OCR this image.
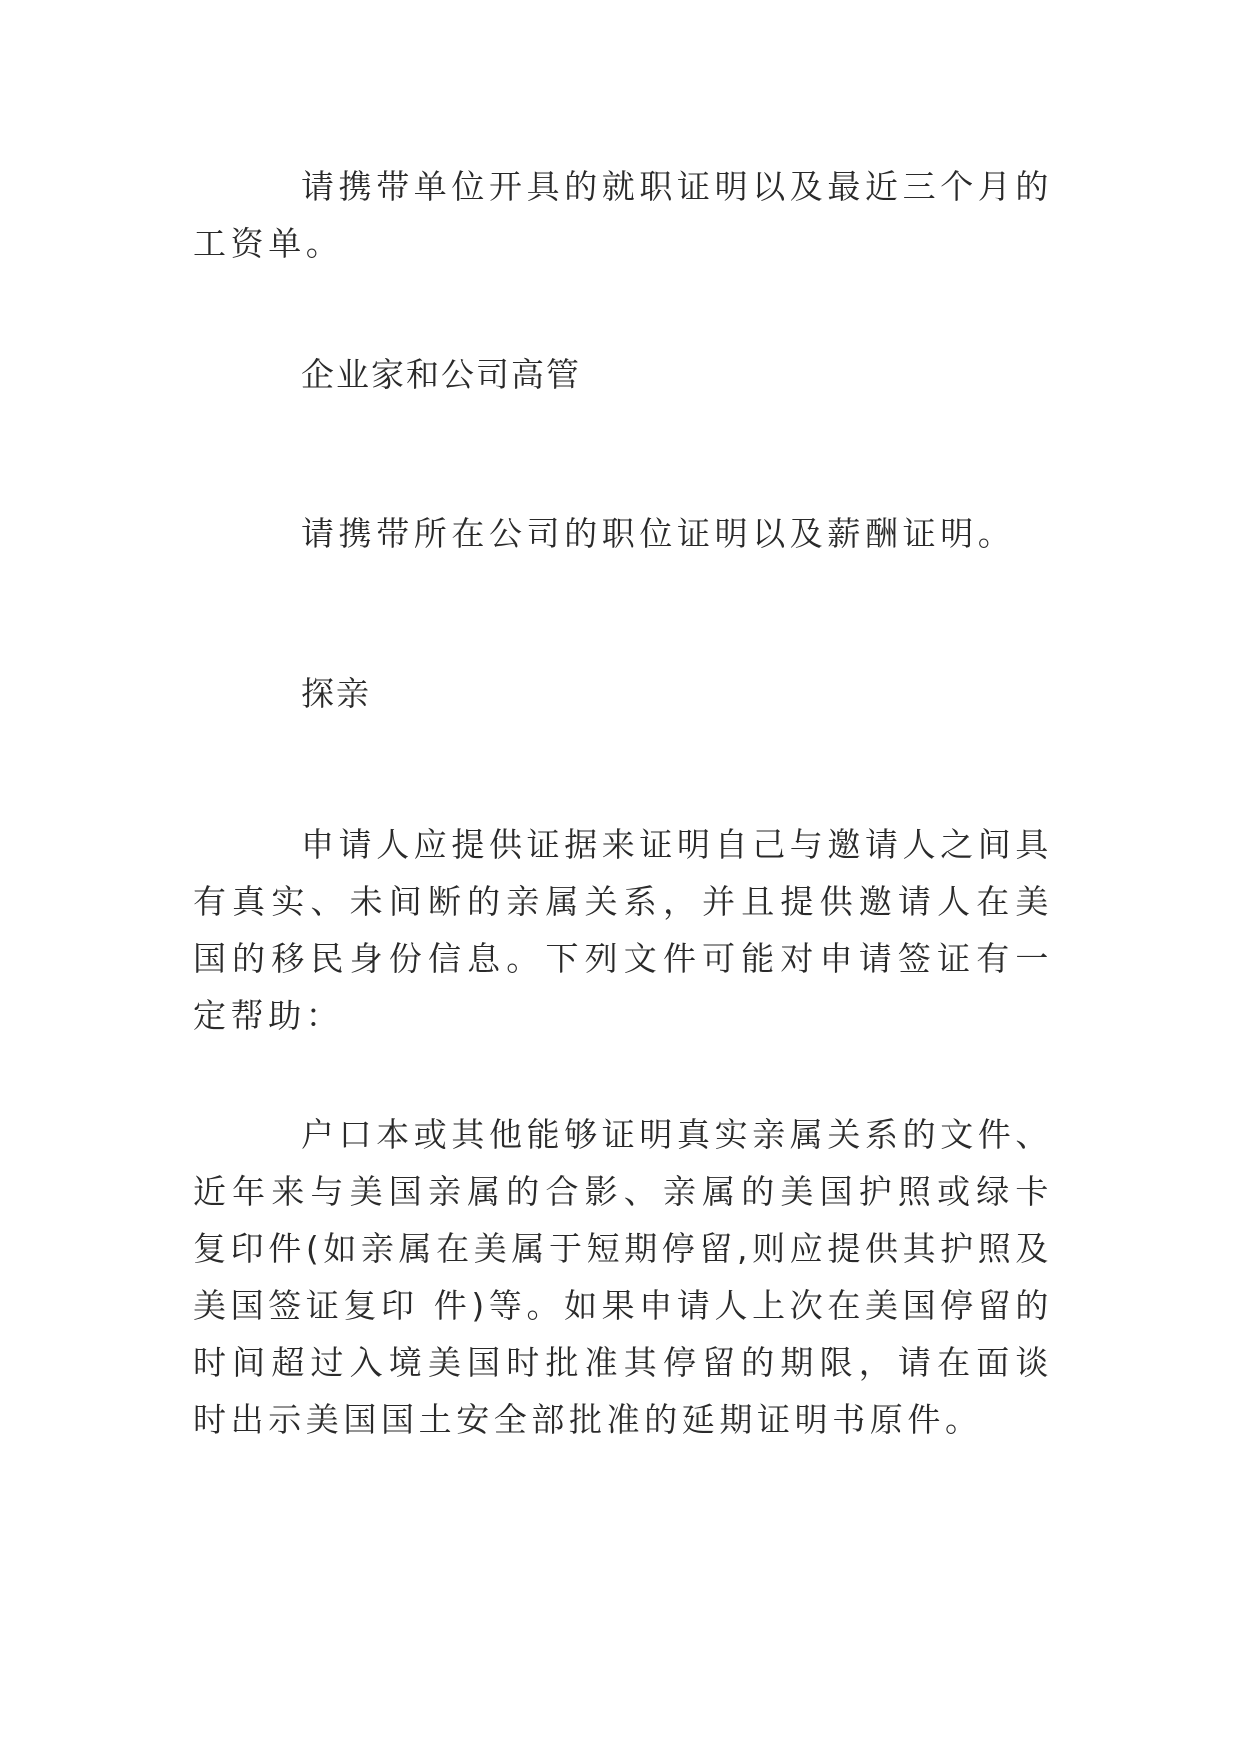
请携带单位开具的就职证明以及最近三个月的工资单。

企业家和公司高管

请携带所在公司的职位证明以及薪酬证明。

探亲

申请人应提供证据来证明自己与邀请人之间具有真实、未间断的亲属关系，并且提供邀请人在美国的移民身份信息。下列文件可能对申请签证有一定帮助：

户口本或其他能够证明真实亲属关系的文件、近年来与美国亲属的合影、亲属的美国护照或绿卡复印件(如亲属在美属于短期停留,则应提供其护照及美国签证复印 件)等。如果申请人上次在美国停留的时间超过入境美国时批准其停留的期限，请在面谈时出示美国国土安全部批准的延期证明书原件。
